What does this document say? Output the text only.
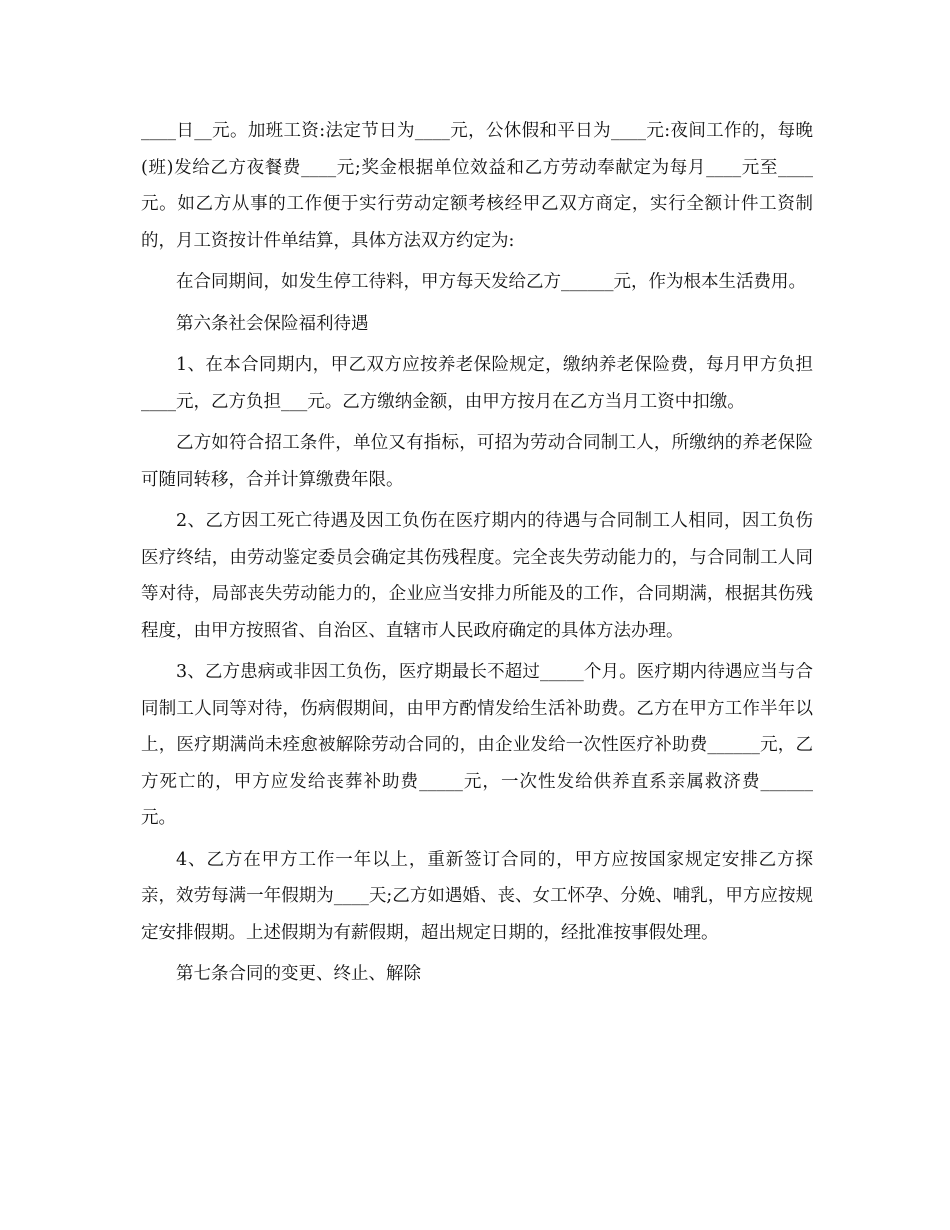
____日__元。加班工资:法定节日为____元，公休假和平日为____元:夜间工作的，每晚(班)发给乙方夜餐费____元;奖金根据单位效益和乙方劳动奉献定为每月____元至____元。如乙方从事的工作便于实行劳动定额考核经甲乙双方商定，实行全额计件工资制的，月工资按计件单结算，具体方法双方约定为:

在合同期间，如发生停工待料，甲方每天发给乙方______元，作为根本生活费用。

第六条社会保险福利待遇

1、在本合同期内，甲乙双方应按养老保险规定，缴纳养老保险费，每月甲方负担____元，乙方负担___元。乙方缴纳金额，由甲方按月在乙方当月工资中扣缴。

乙方如符合招工条件，单位又有指标，可招为劳动合同制工人，所缴纳的养老保险可随同转移，合并计算缴费年限。

2、乙方因工死亡待遇及因工负伤在医疗期内的待遇与合同制工人相同，因工负伤医疗终结，由劳动鉴定委员会确定其伤残程度。完全丧失劳动能力的，与合同制工人同等对待，局部丧失劳动能力的，企业应当安排力所能及的工作，合同期满，根据其伤残程度，由甲方按照省、自治区、直辖市人民政府确定的具体方法办理。

3、乙方患病或非因工负伤，医疗期最长不超过_____个月。医疗期内待遇应当与合同制工人同等对待，伤病假期间，由甲方酌情发给生活补助费。乙方在甲方工作半年以上，医疗期满尚未痊愈被解除劳动合同的，由企业发给一次性医疗补助费______元，乙方死亡的，甲方应发给丧葬补助费_____元，一次性发给供养直系亲属救济费______元。

4、乙方在甲方工作一年以上，重新签订合同的，甲方应按国家规定安排乙方探亲，效劳每满一年假期为____天;乙方如遇婚、丧、女工怀孕、分娩、哺乳，甲方应按规定安排假期。上述假期为有薪假期，超出规定日期的，经批准按事假处理。

第七条合同的变更、终止、解除
